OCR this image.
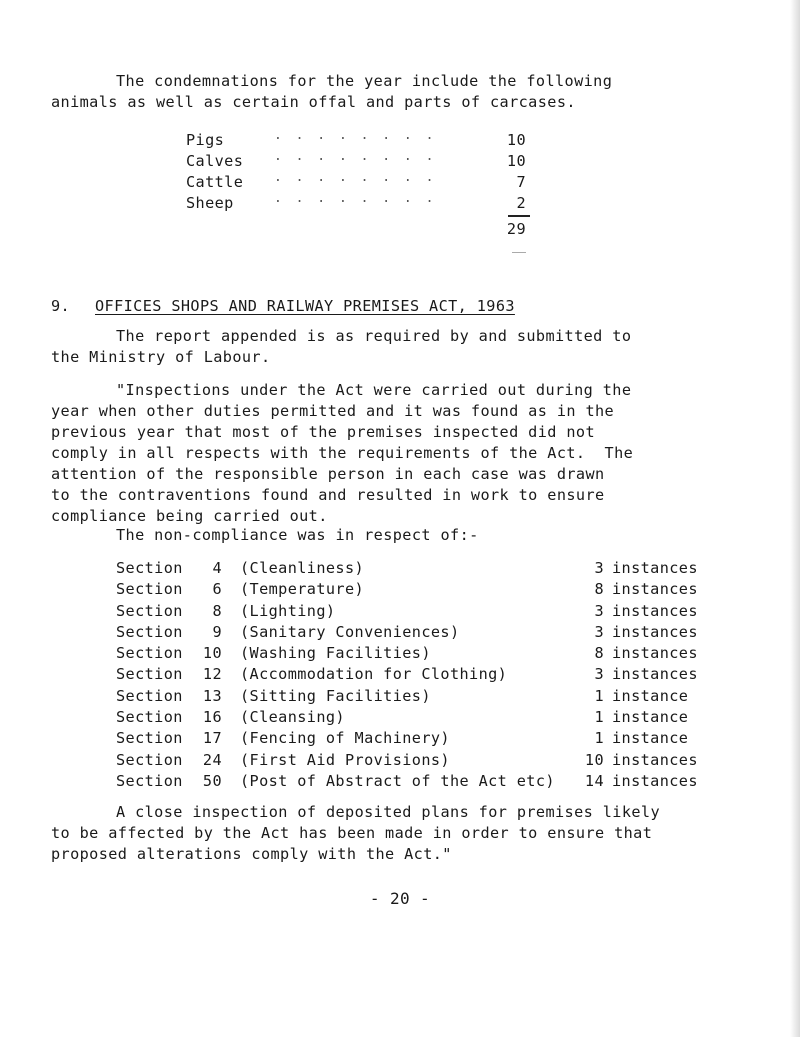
The condemnations for the year include the following

animals as well as certain offal and parts of carcases.

Pigs	. . . . . . . .	10
Calves . . . . . . . .	10
Cattle . . . . . . . .	7
Sheep	. . . . . . . .	2
29
9. OFFICES SHOPS AND RAILWAY PREMISES ACT, 1963

The report appended is as required by and submitted to

the Ministry of Labour.

"Inspections under the Act were carried out during the

year when other duties permitted and it was found as in the

previous year that most of the premises inspected did not

comply in all respects with the requirements of the Act.  The

attention of the responsible person in each case was drawn

to the contraventions found and resulted in work to ensure

compliance being carried out.

The non-compliance was in respect of:-
Section	4 (Cleanliness)	3 instances
Section	6 (Temperature)	8 instances
Section	8 (Lighting)	3 instances
Section	9 (Sanitary Conveniences)	3 instances
Section	10 (Washing Facilities)	8 instances
Section	12 (Accommodation for Clothing)	3 instances
Section	13 (Sitting Facilities)	1 instance
Section	16 (Cleansing)	1 instance
Section	17 (Fencing of Machinery)	1 instance
Section	24 (First Aid Provisions)	10 instances
Section	50 (Post of Abstract of the Act etc)	14 instances

A close inspection of deposited plans for premises likely

to be affected by the Act has been made in order to ensure that

proposed alterations comply with the Act."

- 20 -
